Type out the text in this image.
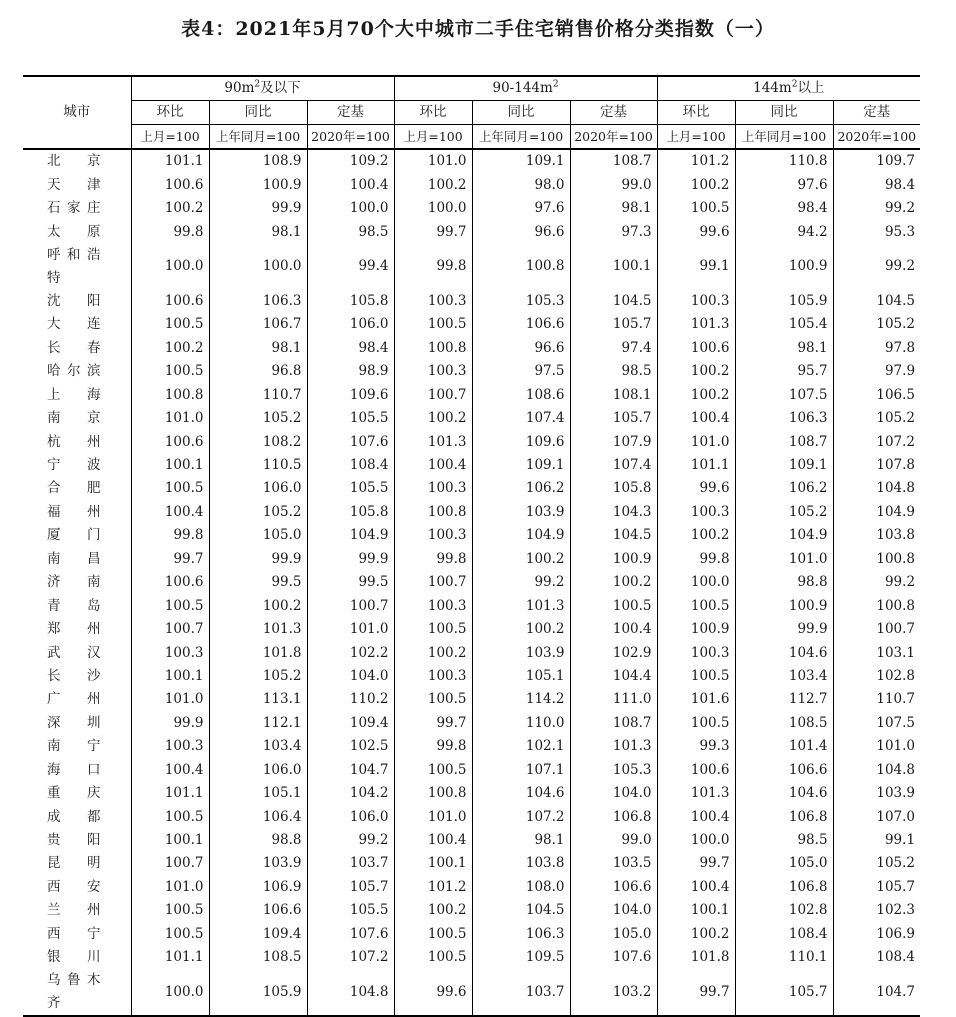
表4：2021年5月70个大中城市二手住宅销售价格分类指数（一）
城市	$90m^2$及以下			$90-144m^2$			$144m^2$以上		
	环比	同比	定基	环比	同比	定基	环比	同比	定基
	上月=100	上年同月=100	2020年=100	上月=100	上年同月=100	2020年=100	上月=100	上年同月=100	2020年=100
北京	101.1	108.9	109.2	101.0	109.1	108.7	101.2	110.8	109.7
天津	100.6	100.9	100.4	100.2	98.0	99.0	100.2	97.6	98.4
石家庄	100.2	99.9	100.0	100.0	97.6	98.1	100.5	98.4	99.2
太原	99.8	98.1	98.5	99.7	96.6	97.3	99.6	94.2	95.3
呼和浩特	100.0	100.0	99.4	99.8	100.8	100.1	99.1	100.9	99.2
沈阳	100.6	106.3	105.8	100.3	105.3	104.5	100.3	105.9	104.5
大连	100.5	106.7	106.0	100.5	106.6	105.7	101.3	105.4	105.2
长春	100.2	98.1	98.4	100.8	96.6	97.4	100.6	98.1	97.8
哈尔滨	100.5	96.8	98.9	100.3	97.5	98.5	100.2	95.7	97.9
上海	100.8	110.7	109.6	100.7	108.6	108.1	100.2	107.5	106.5
南京	101.0	105.2	105.5	100.2	107.4	105.7	100.4	106.3	105.2
杭州	100.6	108.2	107.6	101.3	109.6	107.9	101.0	108.7	107.2
宁波	100.1	110.5	108.4	100.4	109.1	107.4	101.1	109.1	107.8
合肥	100.5	106.0	105.5	100.3	106.2	105.8	99.6	106.2	104.8
福州	100.4	105.2	105.8	100.8	103.9	104.3	100.3	105.2	104.9
厦门	99.8	105.0	104.9	100.3	104.9	104.5	100.2	104.9	103.8
南昌	99.7	99.9	99.9	99.8	100.2	100.9	99.8	101.0	100.8
济南	100.6	99.5	99.5	100.7	99.2	100.2	100.0	98.8	99.2
青岛	100.5	100.2	100.7	100.3	101.3	100.5	100.5	100.9	100.8
郑州	100.7	101.3	101.0	100.5	100.2	100.4	100.9	99.9	100.7
武汉	100.3	101.8	102.2	100.2	103.9	102.9	100.3	104.6	103.1
长沙	100.1	105.2	104.0	100.3	105.1	104.4	100.5	103.4	102.8
广州	101.0	113.1	110.2	100.5	114.2	111.0	101.6	112.7	110.7
深圳	99.9	112.1	109.4	99.7	110.0	108.7	100.5	108.5	107.5
南宁	100.3	103.4	102.5	99.8	102.1	101.3	99.3	101.4	101.0
海口	100.4	106.0	104.7	100.5	107.1	105.3	100.6	106.6	104.8
重庆	101.1	105.1	104.2	100.8	104.6	104.0	101.3	104.6	103.9
成都	100.5	106.4	106.0	101.0	107.2	106.8	100.4	106.8	107.0
贵阳	100.1	98.8	99.2	100.4	98.1	99.0	100.0	98.5	99.1
昆明	100.7	103.9	103.7	100.1	103.8	103.5	99.7	105.0	105.2
西安	101.0	106.9	105.7	101.2	108.0	106.6	100.4	106.8	105.7
兰州	100.5	106.6	105.5	100.2	104.5	104.0	100.1	102.8	102.3
西宁	100.5	109.4	107.6	100.5	106.3	105.0	100.2	108.4	106.9
银川	101.1	108.5	107.2	100.5	109.5	107.6	101.8	110.1	108.4
乌鲁木齐	100.0	105.9	104.8	99.6	103.7	103.2	99.7	105.7	104.7
